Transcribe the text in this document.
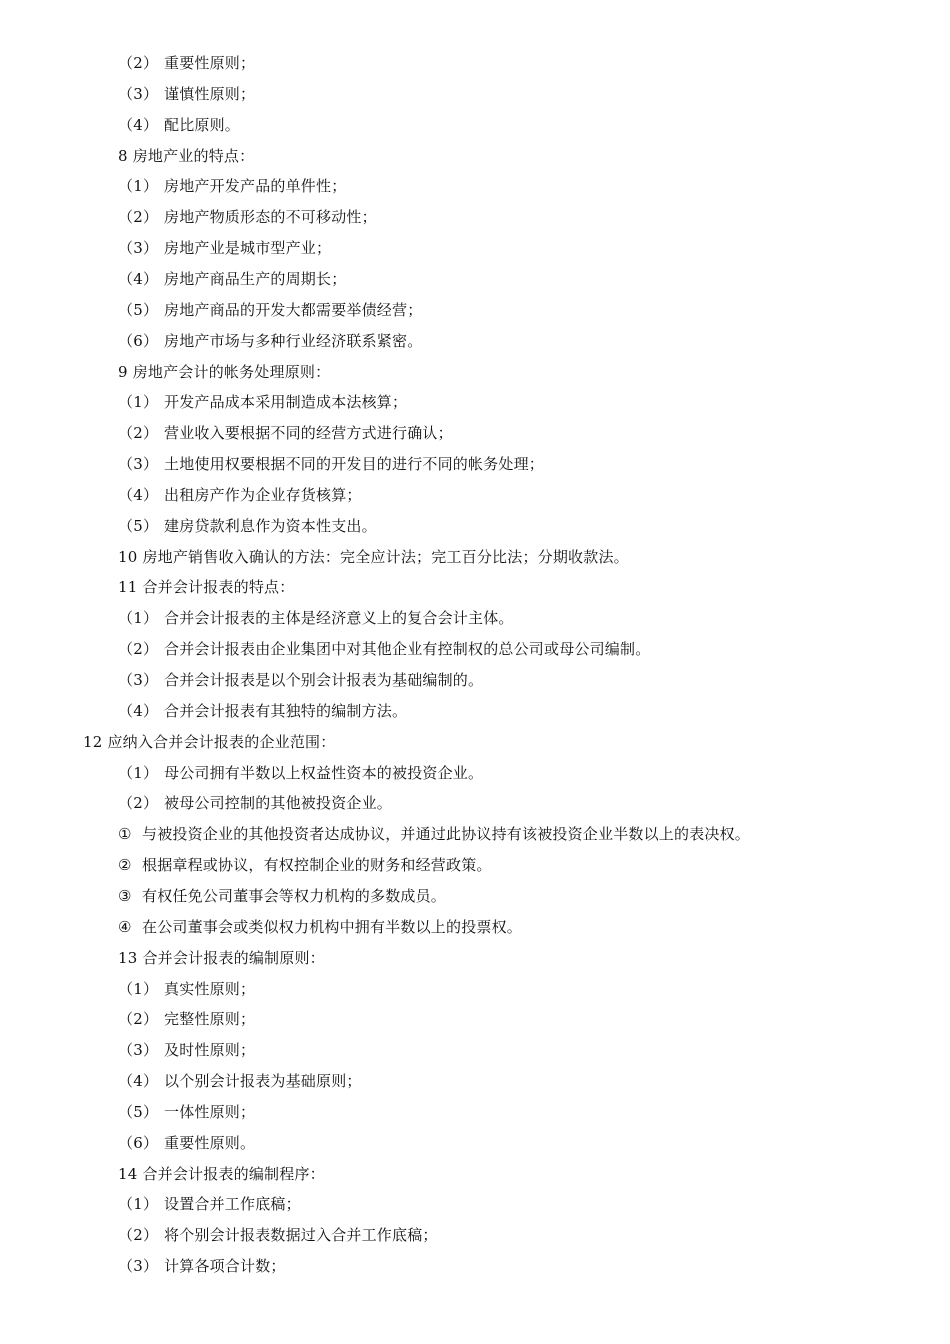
（2） 重要性原则；
（3） 谨慎性原则；
（4） 配比原则。
8 房地产业的特点：
（1） 房地产开发产品的单件性；
（2） 房地产物质形态的不可移动性；
（3） 房地产业是城市型产业；
（4） 房地产商品生产的周期长；
（5） 房地产商品的开发大都需要举债经营；
（6） 房地产市场与多种行业经济联系紧密。
9 房地产会计的帐务处理原则：
（1） 开发产品成本采用制造成本法核算；
（2） 营业收入要根据不同的经营方式进行确认；
（3） 土地使用权要根据不同的开发目的进行不同的帐务处理；
（4） 出租房产作为企业存货核算；
（5） 建房贷款利息作为资本性支出。
10 房地产销售收入确认的方法：完全应计法；完工百分比法；分期收款法。
11 合并会计报表的特点：
（1） 合并会计报表的主体是经济意义上的复合会计主体。
（2） 合并会计报表由企业集团中对其他企业有控制权的总公司或母公司编制。
（3） 合并会计报表是以个别会计报表为基础编制的。
（4） 合并会计报表有其独特的编制方法。
12 应纳入合并会计报表的企业范围：
（1） 母公司拥有半数以上权益性资本的被投资企业。
（2） 被母公司控制的其他被投资企业。
① 与被投资企业的其他投资者达成协议，并通过此协议持有该被投资企业半数以上的表决权。
② 根据章程或协议，有权控制企业的财务和经营政策。
③ 有权任免公司董事会等权力机构的多数成员。
④ 在公司董事会或类似权力机构中拥有半数以上的投票权。
13 合并会计报表的编制原则：
（1） 真实性原则；
（2） 完整性原则；
（3） 及时性原则；
（4） 以个别会计报表为基础原则；
（5） 一体性原则；
（6） 重要性原则。
14 合并会计报表的编制程序：
（1） 设置合并工作底稿；
（2） 将个别会计报表数据过入合并工作底稿；
（3） 计算各项合计数；
